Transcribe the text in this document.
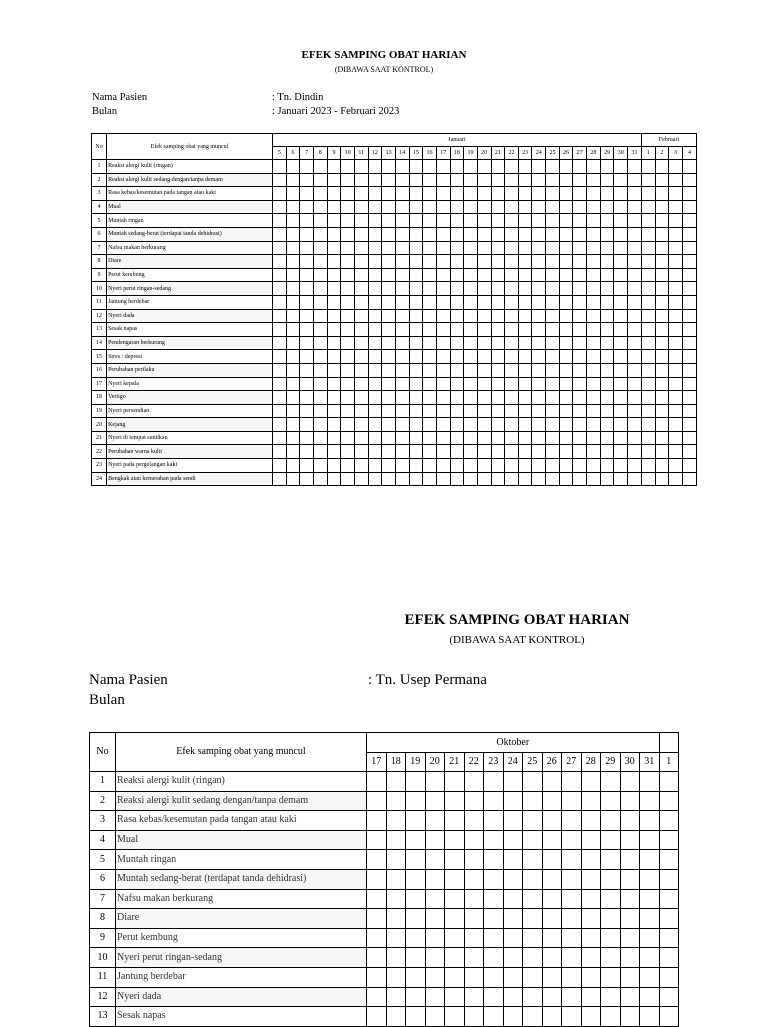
EFEK SAMPING OBAT HARIAN
(DIBAWA SAAT KONTROL)
Nama Pasien	: Tn. Dindin
Bulan	: Januari 2023 - Februari 2023
No	Efek samping obat yang muncul	Januari																											Februari			
		5	6	7	8	9	10	11	12	13	14	15	16	17	18	19	20	21	22	23	24	25	26	27	28	29	30	31	1	2	3	4
1	Reaksi alergi kulit (ringan)																															
2	Reaksi alergi kulit sedang dengan/tanpa demam																															
3	Rasa kebas/kesemutan pada tangan atau kaki																															
4	Mual																															
5	Muntah ringan																															
6	Muntah sedang-berat (terdapat tanda dehidrasi)																															
7	Nafsu makan berkurang																															
8	Diare																															
9	Perut kembung																															
10	Nyeri perut ringan-sedang																															
11	Jantung berdebar																															
12	Nyeri dada																															
13	Sesak napas																															
14	Pendengaran berkurang																															
15	Stres / depresi																															
16	Perubahan perilaku																															
17	Nyeri kepala																															
18	Vertigo																															
19	Nyeri persendian																															
20	Kejang																															
21	Nyeri di tempat suntikan																															
22	Perubahan warna kulit																															
23	Nyeri pada pergelangan kaki																															
24	Bengkak atau kemerahan pada sendi																															
EFEK SAMPING OBAT HARIAN
(DIBAWA SAAT KONTROL)
Nama Pasien	: Tn. Usep Permana
Bulan
No	Efek samping obat yang muncul	Oktober															
		17	18	19	20	21	22	23	24	25	26	27	28	29	30	31	1
1	Reaksi alergi kulit (ringan)																
2	Reaksi alergi kulit sedang dengan/tanpa demam																
3	Rasa kebas/kesemutan pada tangan atau kaki																
4	Mual																
5	Muntah ringan																
6	Muntah sedang-berat (terdapat tanda dehidrasi)																
7	Nafsu makan berkurang																
8	Diare																
9	Perut kembung																
10	Nyeri perut ringan-sedang																
11	Jantung berdebar																
12	Nyeri dada																
13	Sesak napas																
